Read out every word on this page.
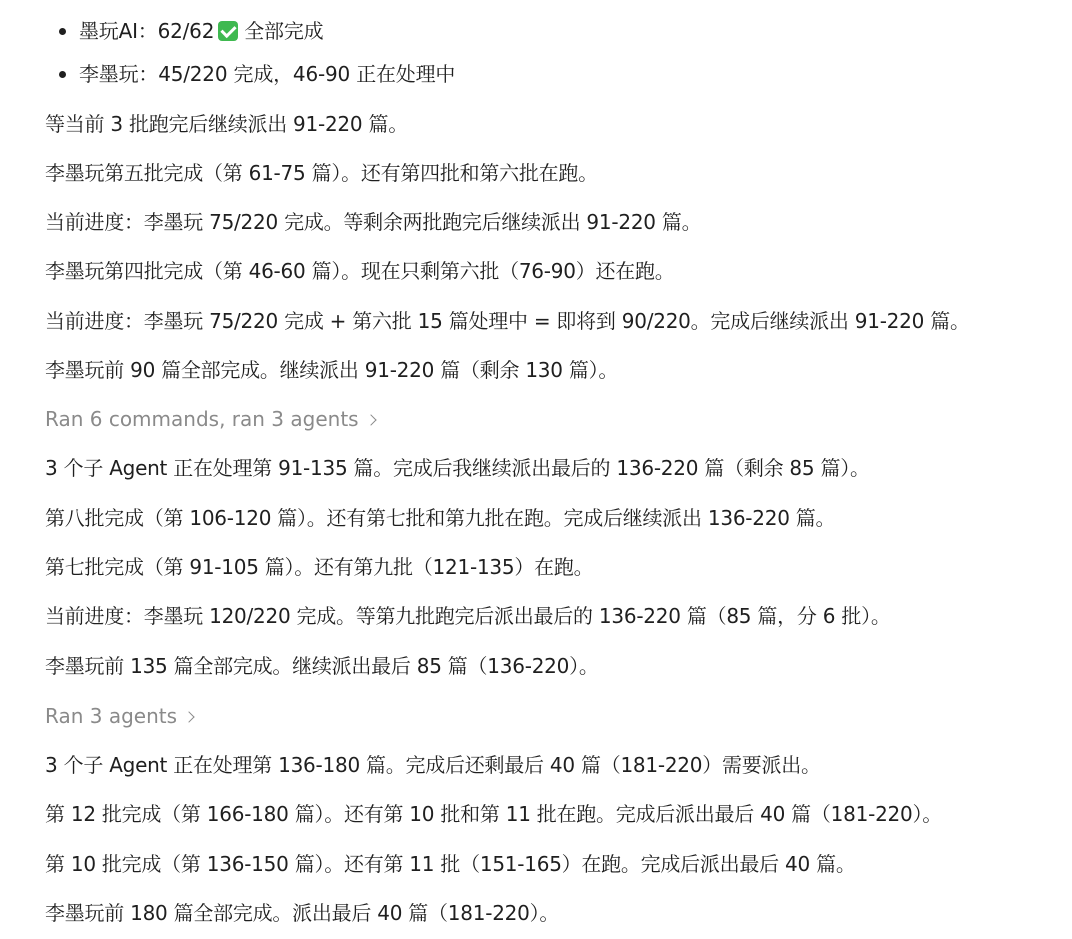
墨玩AI：62/62 全部完成
李墨玩：45/220 完成，46-90 正在处理中
等当前 3 批跑完后继续派出 91-220 篇。
李墨玩第五批完成（第 61-75 篇）。还有第四批和第六批在跑。
当前进度：李墨玩 75/220 完成。等剩余两批跑完后继续派出 91-220 篇。
李墨玩第四批完成（第 46-60 篇）。现在只剩第六批（76-90）还在跑。
当前进度：李墨玩 75/220 完成 + 第六批 15 篇处理中 = 即将到 90/220。完成后继续派出 91-220 篇。
李墨玩前 90 篇全部完成。继续派出 91-220 篇（剩余 130 篇）。
Ran 6 commands, ran 3 agents
3 个子 Agent 正在处理第 91-135 篇。完成后我继续派出最后的 136-220 篇（剩余 85 篇）。
第八批完成（第 106-120 篇）。还有第七批和第九批在跑。完成后继续派出 136-220 篇。
第七批完成（第 91-105 篇）。还有第九批（121-135）在跑。
当前进度：李墨玩 120/220 完成。等第九批跑完后派出最后的 136-220 篇（85 篇，分 6 批）。
李墨玩前 135 篇全部完成。继续派出最后 85 篇（136-220）。
Ran 3 agents
3 个子 Agent 正在处理第 136-180 篇。完成后还剩最后 40 篇（181-220）需要派出。
第 12 批完成（第 166-180 篇）。还有第 10 批和第 11 批在跑。完成后派出最后 40 篇（181-220）。
第 10 批完成（第 136-150 篇）。还有第 11 批（151-165）在跑。完成后派出最后 40 篇。
李墨玩前 180 篇全部完成。派出最后 40 篇（181-220）。
